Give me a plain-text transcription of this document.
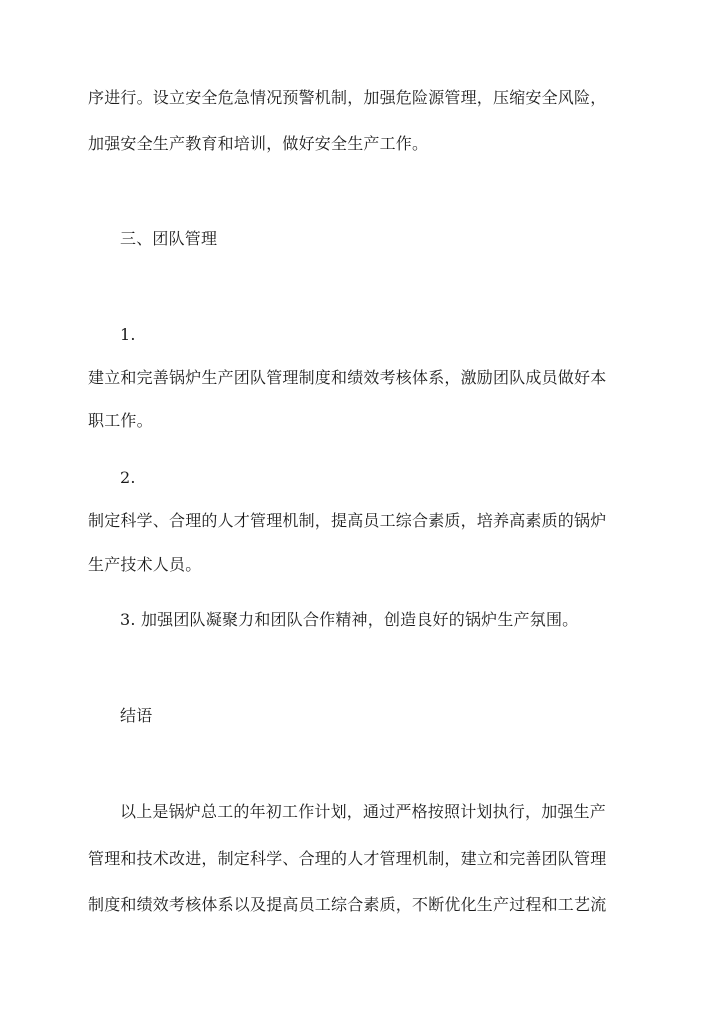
序进行。设立安全危急情况预警机制，加强危险源管理，压缩安全风险，
加强安全生产教育和培训，做好安全生产工作。
三、团队管理
1.
建立和完善锅炉生产团队管理制度和绩效考核体系，激励团队成员做好本
职工作。
2.
制定科学、合理的人才管理机制，提高员工综合素质，培养高素质的锅炉
生产技术人员。
3. 加强团队凝聚力和团队合作精神，创造良好的锅炉生产氛围。
结语
以上是锅炉总工的年初工作计划，通过严格按照计划执行，加强生产
管理和技术改进，制定科学、合理的人才管理机制，建立和完善团队管理
制度和绩效考核体系以及提高员工综合素质，不断优化生产过程和工艺流
